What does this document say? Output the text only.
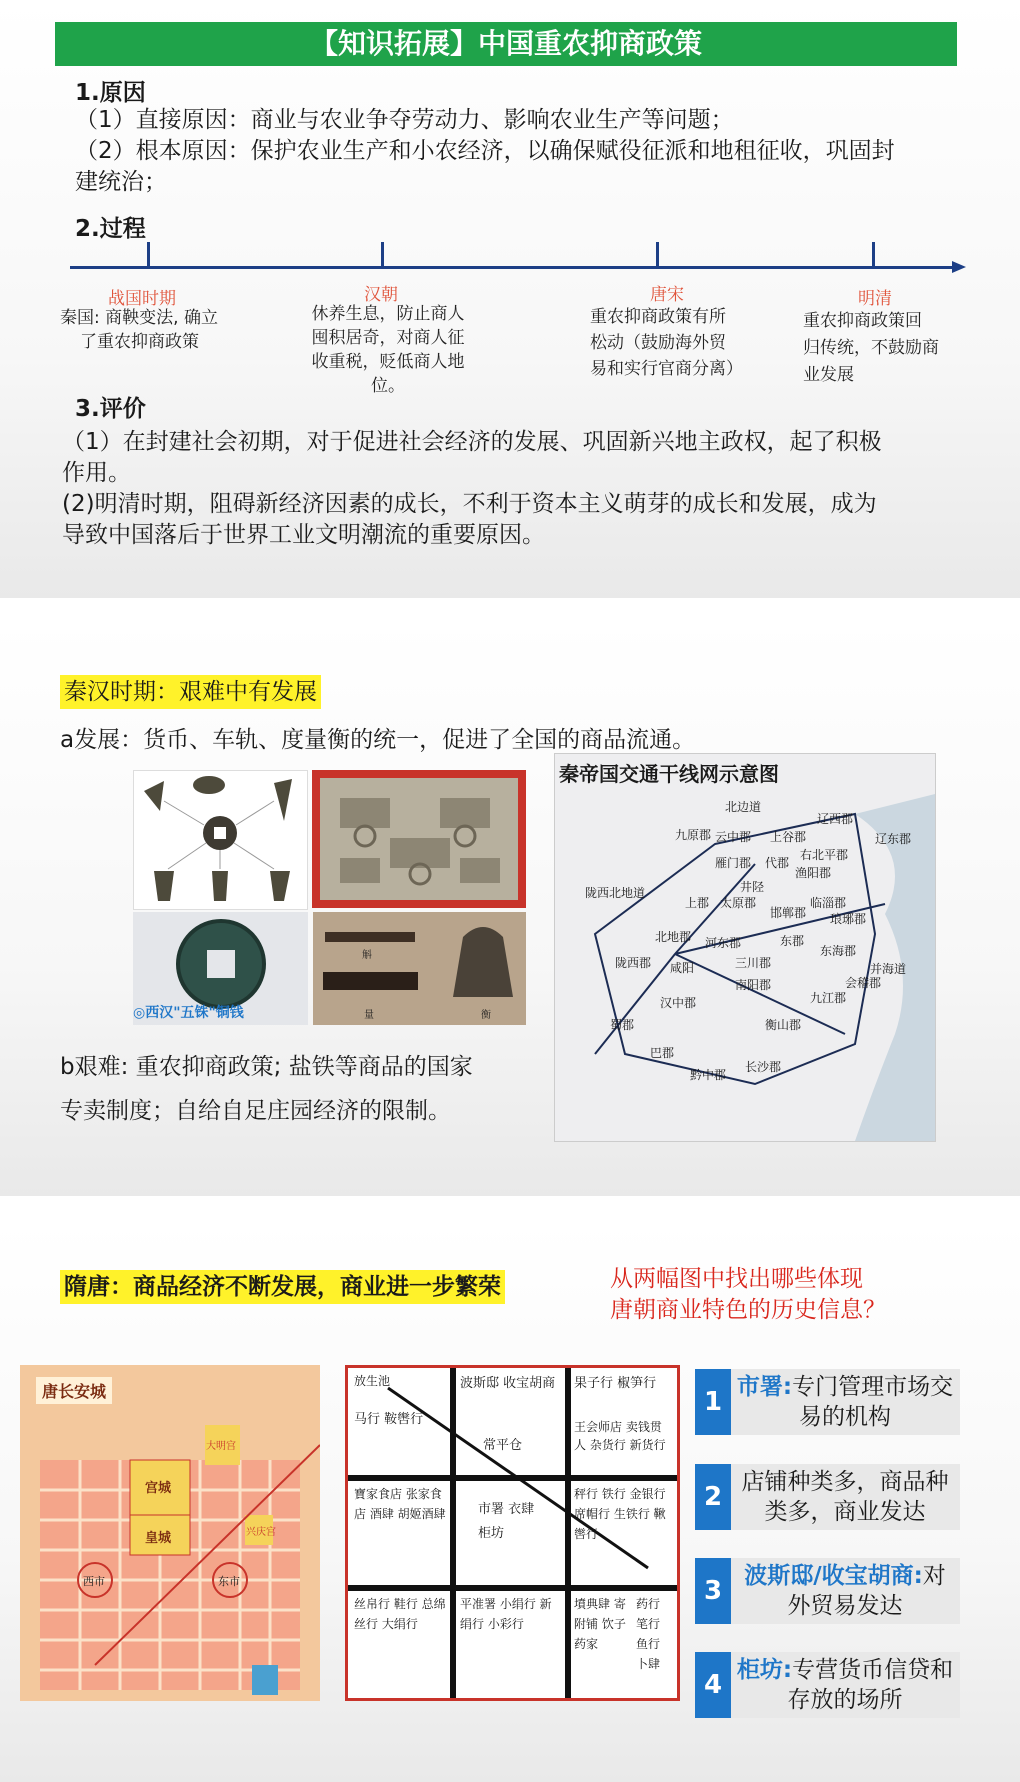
【知识拓展】中国重农抑商政策
1.原因
（1）直接原因：商业与农业争夺劳动力、影响农业生产等问题；
（2）根本原因：保护农业生产和小农经济，以确保赋役征派和地租征收，巩固封
建统治；
2.过程
战国时期
秦国: 商鞅变法, 确立
了重农抑商政策
汉朝
休养生息，防止商人
囤积居奇，对商人征
收重税，贬低商人地
位。
唐宋
重农抑商政策有所
松动（鼓励海外贸
易和实行官商分离）
明清
重农抑商政策回
归传统，不鼓励商
业发展
3.评价
（1）在封建社会初期，对于促进社会经济的发展、巩固新兴地主政权，起了积极
作用。
(2)明清时期，阻碍新经济因素的成长，不利于资本主义萌芽的成长和发展，成为
导致中国落后于世界工业文明潮流的重要原因。
秦汉时期：艰难中有发展
a发展：货币、车轨、度量衡的统一，促进了全国的商品流通。
◎西汉"五铢"铜钱
斛
量	衡
秦帝国交通干线网示意图
北边道
辽西郡
辽东郡
九原郡 云中郡 上谷郡
右北平郡
雁门郡 代郡
渔阳郡
陇西北地道
上郡 太原郡
井陉
邯郸郡
临淄郡
北地郡 河东郡
琅琊郡
三川郡
东郡
东海郡
陇西郡 咸阳
南阳郡	会稽郡
汉中郡	九江郡
并海道
巴郡
衡山郡
蜀郡
黔中郡
长沙郡
b艰难: 重农抑商政策; 盐铁等商品的国家
专卖制度；自给自足庄园经济的限制。
隋唐：商品经济不断发展，商业进一步繁荣	从两幅图中找出哪些体现
唐朝商业特色的历史信息？
唐长安城
西市	东市
宫城
皇城
大明宫
兴庆宫
放生池	波斯邸 收宝胡商	果子行 椒笋行
马行 鞍辔行
常平仓
王会师店 卖钱贯人 杂货行 新货行
寶家食店 张家食店 酒肆 胡姬酒肆 市署 衣肆 柜坊
秤行 铁行 金银行 席帽行 生铁行 鞦辔行
丝帛行 鞋行 总绵丝行 大绢行
平准署 小绢行 新绢行 小彩行
墳典肆 寄附铺 饮子药家
药行 笔行 鱼行 卜肆
1 市署:专门管理市场交易的机构
2 店铺种类多，商品种类多，商业发达
3 波斯邸/收宝胡商:对外贸易发达
4 柜坊:专营货币信贷和存放的场所
